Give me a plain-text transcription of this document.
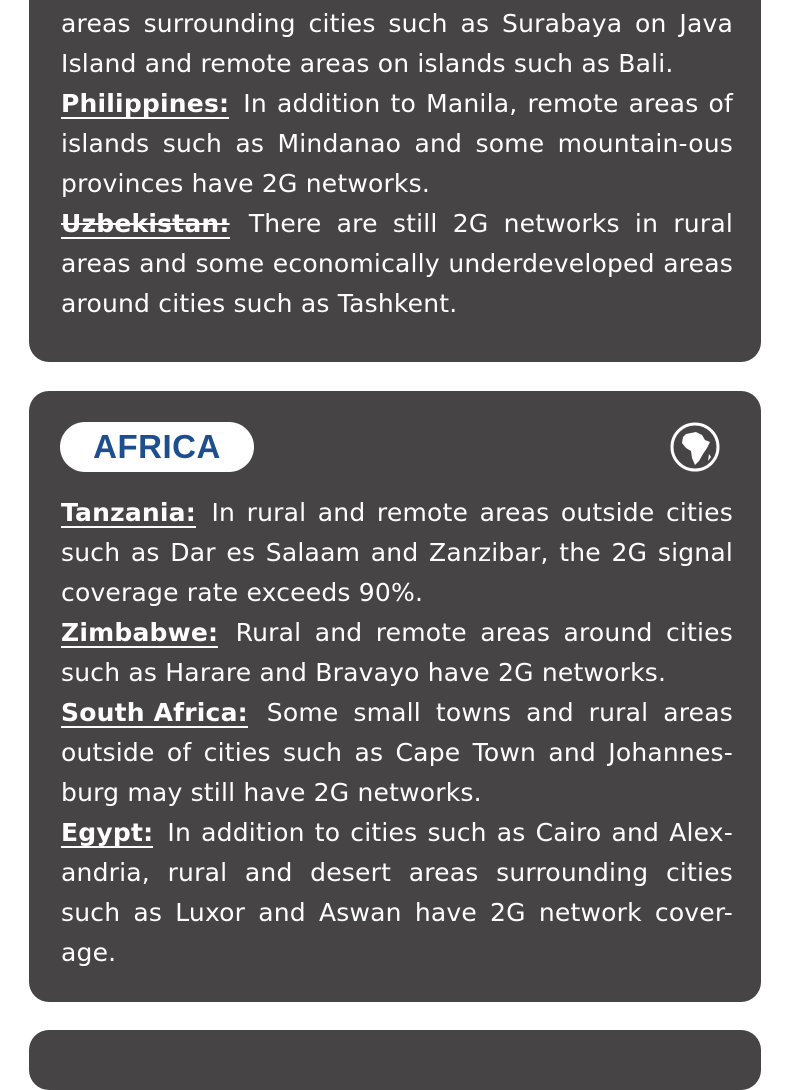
areas surrounding cities such as Surabaya on Java Island and remote areas on islands such as Bali.

Philippines: In addition to Manila, remote areas of islands such as Mindanao and some mountain-ous provinces have 2G networks.

Uzbekistan: There are still 2G networks in rural areas and some economically underdeveloped areas around cities such as Tashkent.

AFRICA

Tanzania: In rural and remote areas outside cities such as Dar es Salaam and Zanzibar, the 2G signal coverage rate exceeds 90%.

Zimbabwe: Rural and remote areas around cities such as Harare and Bravayo have 2G networks.

South Africa: Some small towns and rural areas outside of cities such as Cape Town and Johannes-burg may still have 2G networks.

Egypt: In addition to cities such as Cairo and Alex-andria, rural and desert areas surrounding cities such as Luxor and Aswan have 2G network cover-age.
